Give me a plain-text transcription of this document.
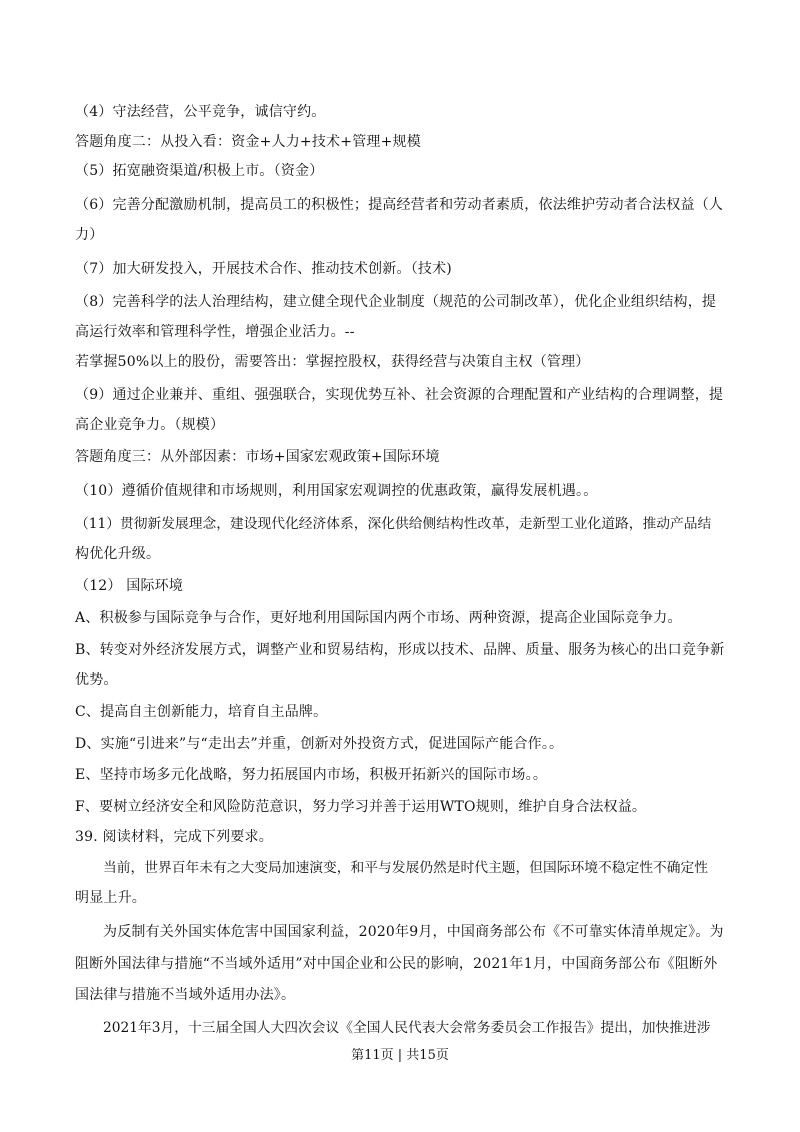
（4）守法经营，公平竞争，诚信守约。

答题角度二：从投入看：资金+人力+技术+管理+规模

（5）拓宽融资渠道/积极上市。（资金）

（6）完善分配激励机制，提高员工的积极性；提高经营者和劳动者素质，依法维护劳动者合法权益（人

力）

（7）加大研发投入，开展技术合作、推动技术创新。（技术)

（8）完善科学的法人治理结构，建立健全现代企业制度（规范的公司制改革），优化企业组织结构，提

高运行效率和管理科学性，增强企业活力。--

若掌握50%以上的股份，需要答出：掌握控股权，获得经营与决策自主权（管理）

（9）通过企业兼并、重组、强强联合，实现优势互补、社会资源的合理配置和产业结构的合理调整，提

高企业竞争力。（规模）

答题角度三：从外部因素：市场+国家宏观政策+国际环境

（10）遵循价值规律和市场规则，利用国家宏观调控的优惠政策，赢得发展机遇。。

（11）贯彻新发展理念，建设现代化经济体系，深化供给侧结构性改革，走新型工业化道路，推动产品结

构优化升级。

（12） 国际环境

A、积极参与国际竞争与合作，更好地利用国际国内两个市场、两种资源，提高企业国际竞争力。

B、转变对外经济发展方式，调整产业和贸易结构，形成以技术、品牌、质量、服务为核心的出口竞争新

优势。

C、提高自主创新能力，培育自主品牌。

D、实施“引进来”与“走出去”并重，创新对外投资方式，促进国际产能合作。。

E、坚持市场多元化战略，努力拓展国内市场，积极开拓新兴的国际市场。。

F、要树立经济安全和风险防范意识，努力学习并善于运用WTO规则，维护自身合法权益。

39. 阅读材料，完成下列要求。

当前，世界百年未有之大变局加速演变，和平与发展仍然是时代主题，但国际环境不稳定性不确定性

明显上升。

为反制有关外国实体危害中国国家利益，2020年9月，中国商务部公布《不可靠实体清单规定》。为

阻断外国法律与措施“不当域外适用”对中国企业和公民的影响，2021年1月，中国商务部公布《阻断外

国法律与措施不当域外适用办法》。

2021年3月，十三届全国人大四次会议《全国人民代表大会常务委员会工作报告》提出，加快推进涉

第11页 | 共15页
